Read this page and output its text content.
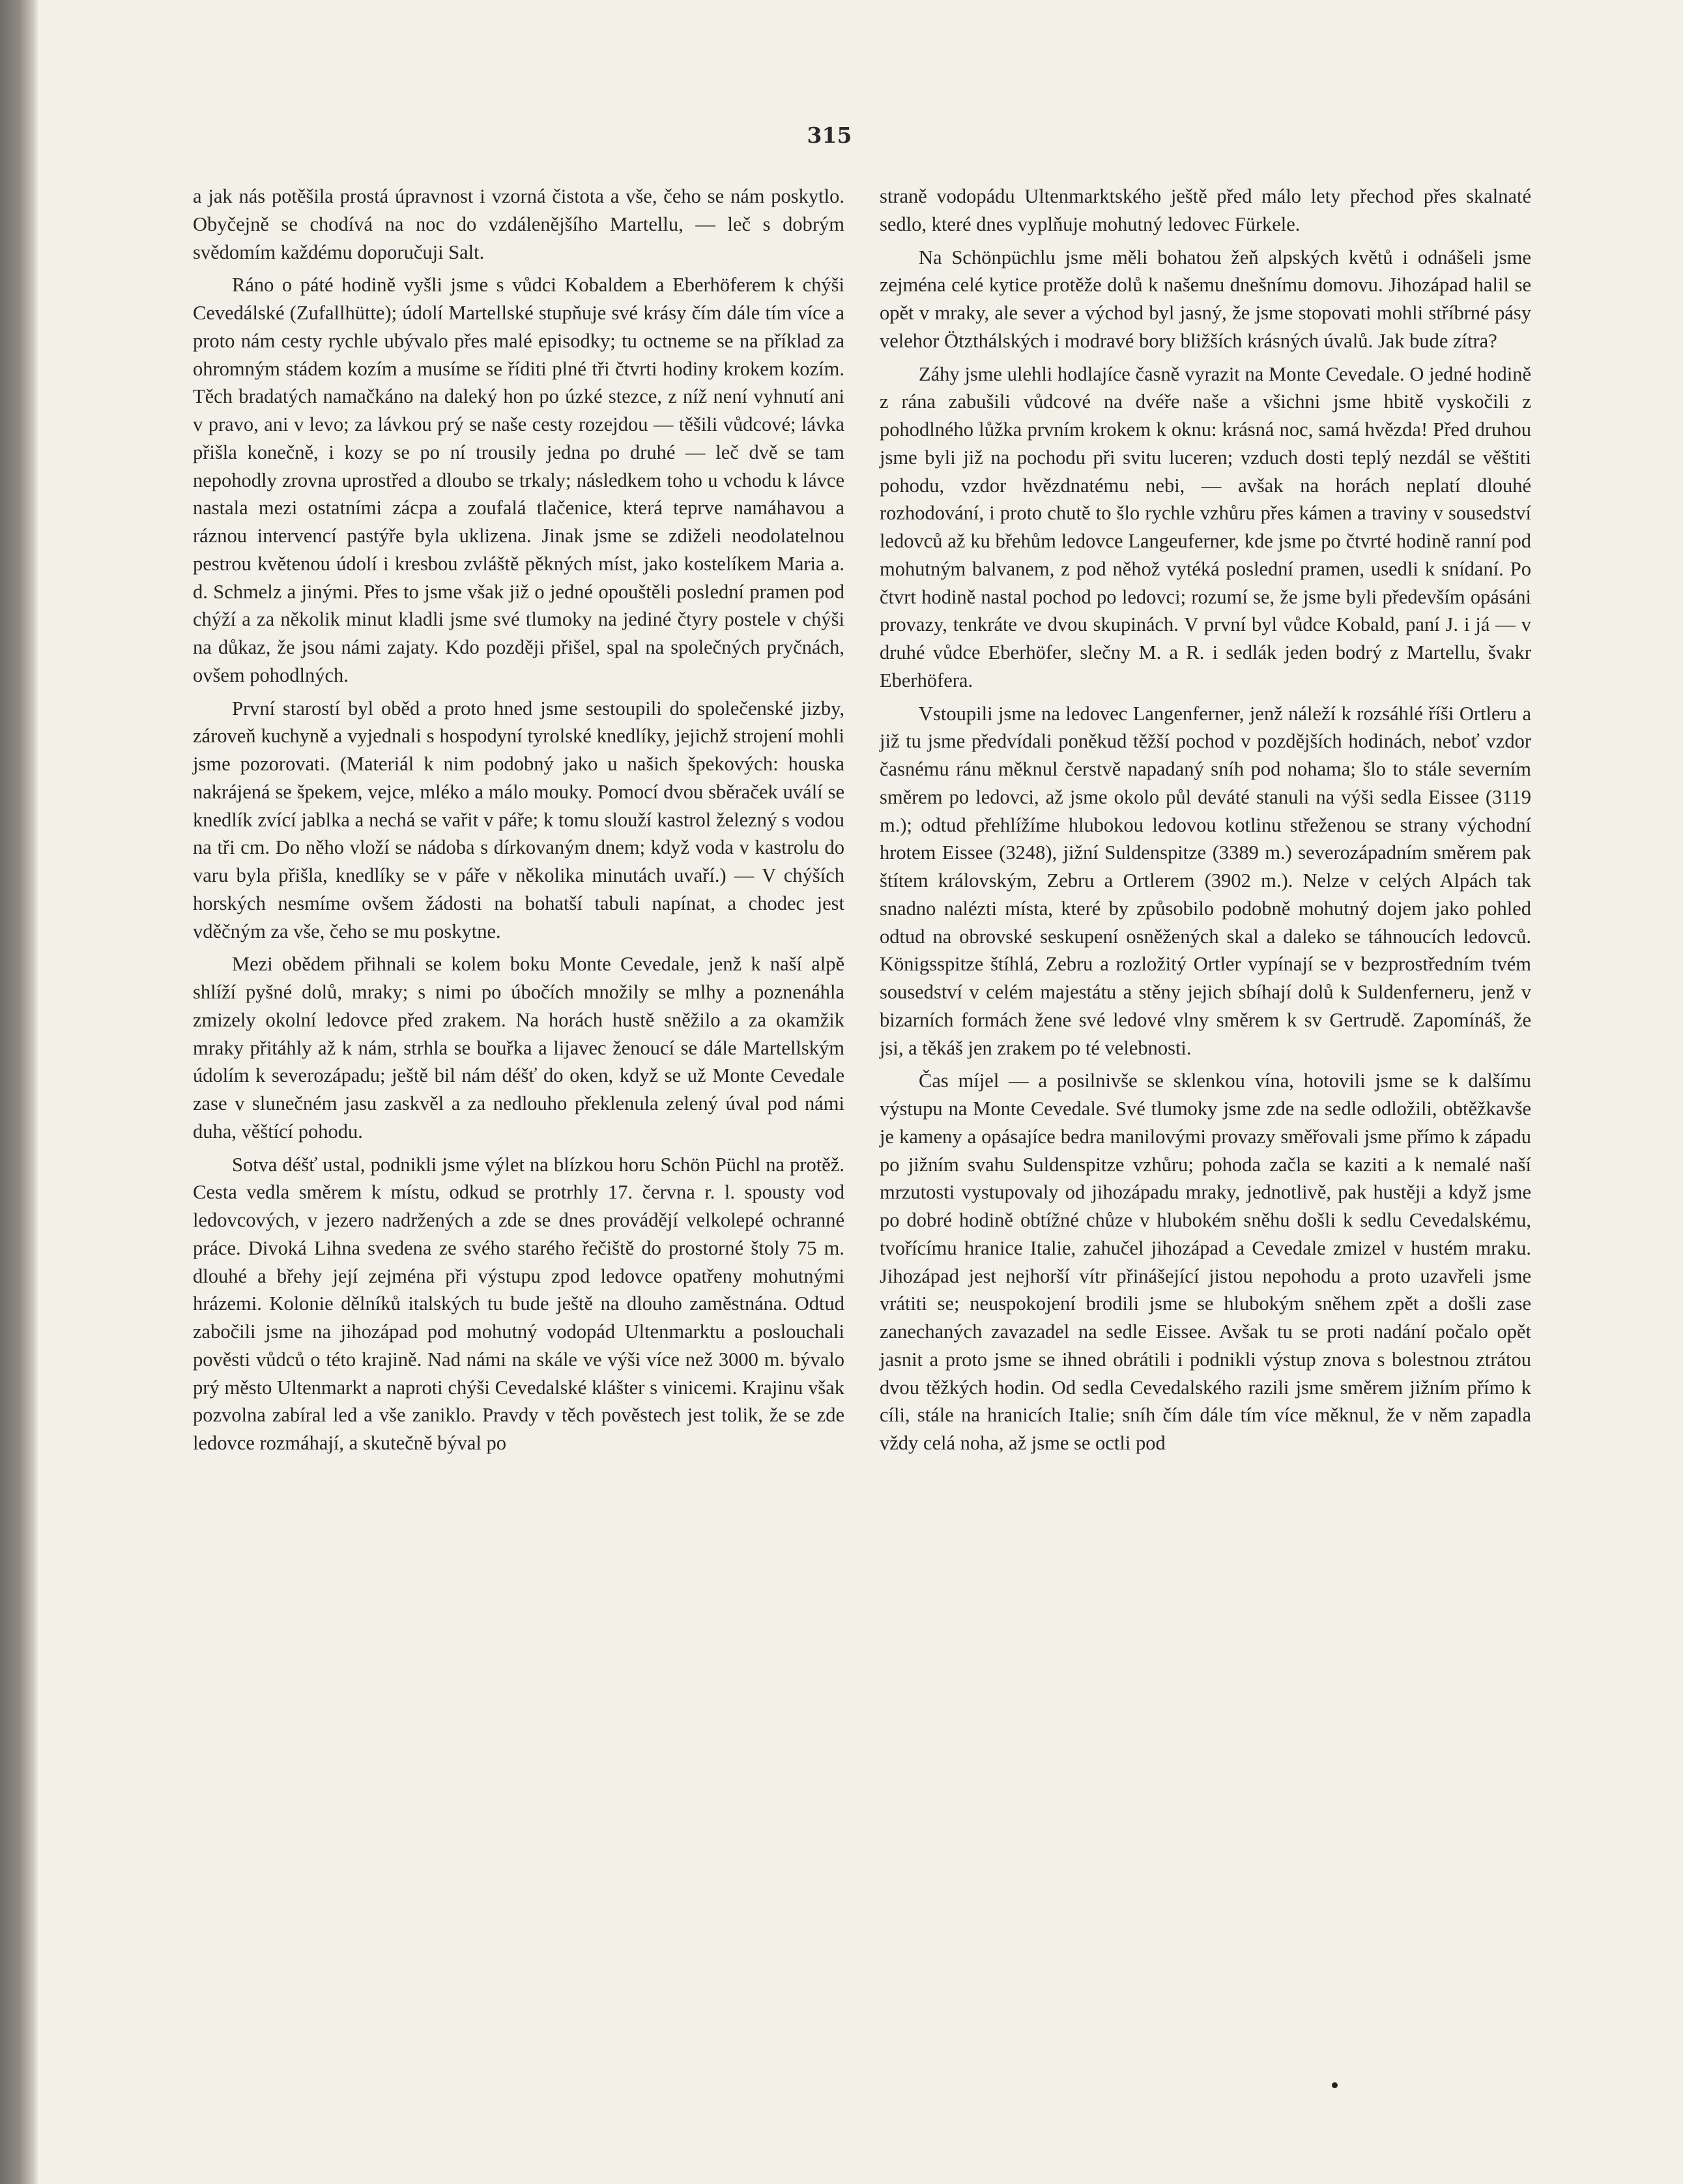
315

a jak nás potěšila prostá úpravnost i vzorná čistota a vše, čeho se nám poskytlo. Obyčejně se chodívá na noc do vzdálenějšího Martellu, — leč s dobrým svědomím každému doporučuji Salt.

Ráno o páté hodině vyšli jsme s vůdci Kobaldem a Eberhöferem k chýši Cevedálské (Zufallhütte); údolí Martellské stupňuje své krásy čím dále tím více a proto nám cesty rychle ubývalo přes malé episodky; tu octneme se na příklad za ohromným stádem kozím a musíme se říditi plné tři čtvrti hodiny krokem kozím. Těch bradatých namačkáno na daleký hon po úzké stezce, z níž není vyhnutí ani v pravo, ani v levo; za lávkou prý se naše cesty rozejdou — těšili vůdcové; lávka přišla konečně, i kozy se po ní trousily jedna po druhé — leč dvě se tam nepohodly zrovna uprostřed a dloubo se trkaly; následkem toho u vchodu k lávce nastala mezi ostatními zácpa a zoufalá tlačenice, která teprve namáhavou a ráznou intervencí pastýře byla uklizena. Jinak jsme se zdiželi neodolatelnou pestrou květenou údolí i kresbou zvláště pěkných míst, jako kostelíkem Maria a. d. Schmelz a jinými. Přes to jsme však již o jedné opouštěli poslední pramen pod chýží a za několik minut kladli jsme své tlumoky na jediné čtyry postele v chýši na důkaz, že jsou námi zajaty. Kdo později přišel, spal na společných pryčnách, ovšem pohodlných.

První starostí byl oběd a proto hned jsme sestoupili do společenské jizby, zároveň kuchyně a vyjednali s hospodyní tyrolské knedlíky, jejichž strojení mohli jsme pozorovati. (Materiál k nim podobný jako u našich špekových: houska nakrájená se špekem, vejce, mléko a málo mouky. Pomocí dvou sběraček uválí se knedlík zvící jablka a nechá se vařit v páře; k tomu slouží kastrol železný s vodou na tři cm. Do něho vloží se nádoba s dírkovaným dnem; když voda v kastrolu do varu byla přišla, knedlíky se v páře v několika minutách uvaří.) — V chýších horských nesmíme ovšem žádosti na bohatší tabuli napínat, a chodec jest vděčným za vše, čeho se mu poskytne.

Mezi obědem přihnali se kolem boku Monte Cevedale, jenž k naší alpě shlíží pyšné dolů, mraky; s nimi po úbočích množily se mlhy a poznenáhla zmizely okolní ledovce před zrakem. Na horách hustě sněžilo a za okamžik mraky přitáhly až k nám, strhla se bouřka a lijavec ženoucí se dále Martellským údolím k severozápadu; ještě bil nám déšť do oken, když se už Monte Cevedale zase v slunečném jasu zaskvěl a za nedlouho překlenula zelený úval pod námi duha, věštící pohodu.

Sotva déšť ustal, podnikli jsme výlet na blízkou horu Schön Püchl na protěž. Cesta vedla směrem k místu, odkud se protrhly 17. června r. l. spousty vod ledovcových, v jezero nadržených a zde se dnes provádějí velkolepé ochranné práce. Divoká Lihna svedena ze svého starého řečiště do prostorné štoly 75 m. dlouhé a břehy její zejména při výstupu zpod ledovce opatřeny mohutnými hrázemi. Kolonie dělníků italských tu bude ještě na dlouho zaměstnána. Odtud zabočili jsme na jihozápad pod mohutný vodopád Ultenmarktu a poslouchali pověsti vůdců o této krajině. Nad námi na skále ve výši více než 3000 m. bývalo prý město Ultenmarkt a naproti chýši Cevedalské klášter s vinicemi. Krajinu však pozvolna zabíral led a vše zaniklo. Pravdy v těch pověstech jest tolik, že se zde ledovce rozmáhají, a skutečně býval po

straně vodopádu Ultenmarktského ještě před málo lety přechod přes skalnaté sedlo, které dnes vyplňuje mohutný ledovec Fürkele.

Na Schönpüchlu jsme měli bohatou žeň alpských květů i odnášeli jsme zejména celé kytice protěže dolů k našemu dnešnímu domovu. Jihozápad halil se opět v mraky, ale sever a východ byl jasný, že jsme stopovati mohli stříbrné pásy velehor Ötzthálských i modravé bory bližších krásných úvalů. Jak bude zítra?

Záhy jsme ulehli hodlajíce časně vyrazit na Monte Cevedale. O jedné hodině z rána zabušili vůdcové na dvéře naše a všichni jsme hbitě vyskočili z pohodlného lůžka prvním krokem k oknu: krásná noc, samá hvězda! Před druhou jsme byli již na pochodu při svitu luceren; vzduch dosti teplý nezdál se věštiti pohodu, vzdor hvězdnatému nebi, — avšak na horách neplatí dlouhé rozhodování, i proto chutě to šlo rychle vzhůru přes kámen a traviny v sousedství ledovců až ku břehům ledovce Langeuferner, kde jsme po čtvrté hodině ranní pod mohutným balvanem, z pod něhož vytéká poslední pramen, usedli k snídaní. Po čtvrt hodině nastal pochod po ledovci; rozumí se, že jsme byli především opásáni provazy, tenkráte ve dvou skupinách. V první byl vůdce Kobald, paní J. i já — v druhé vůdce Eberhöfer, slečny M. a R. i sedlák jeden bodrý z Martellu, švakr Eberhöfera.

Vstoupili jsme na ledovec Langenferner, jenž náleží k rozsáhlé říši Ortleru a již tu jsme předvídali poněkud těžší pochod v pozdějších hodinách, neboť vzdor časnému ránu měknul čerstvě napadaný sníh pod nohama; šlo to stále severním směrem po ledovci, až jsme okolo půl deváté stanuli na výši sedla Eissee (3119 m.); odtud přehlížíme hlubokou ledovou kotlinu střeženou se strany východní hrotem Eissee (3248), jižní Suldenspitze (3389 m.) severozápadním směrem pak štítem královským, Zebru a Ortlerem (3902 m.). Nelze v celých Alpách tak snadno nalézti místa, které by způsobilo podobně mohutný dojem jako pohled odtud na obrovské seskupení osněžených skal a daleko se táhnoucích ledovců. Königsspitze štíhlá, Zebru a rozložitý Ortler vypínají se v bezprostředním tvém sousedství v celém majestátu a stěny jejich sbíhají dolů k Suldenferneru, jenž v bizarních formách žene své ledové vlny směrem k sv Gertrudě. Zapomínáš, že jsi, a těkáš jen zrakem po té velebnosti.

Čas míjel — a posilnivše se sklenkou vína, hotovili jsme se k dalšímu výstupu na Monte Cevedale. Své tlumoky jsme zde na sedle odložili, obtěžkavše je kameny a opásajíce bedra manilovými provazy směřovali jsme přímo k západu po jižním svahu Suldenspitze vzhůru; pohoda začla se kaziti a k nemalé naší mrzutosti vystupovaly od jihozápadu mraky, jednotlivě, pak hustěji a když jsme po dobré hodině obtížné chůze v hlubokém sněhu došli k sedlu Cevedalskému, tvořícímu hranice Italie, zahučel jihozápad a Cevedale zmizel v hustém mraku. Jihozápad jest nejhorší vítr přinášející jistou nepohodu a proto uzavřeli jsme vrátiti se; neuspokojení brodili jsme se hlubokým sněhem zpět a došli zase zanechaných zavazadel na sedle Eissee. Avšak tu se proti nadání počalo opět jasnit a proto jsme se ihned obrátili i podnikli výstup znova s bolestnou ztrátou dvou těžkých hodin. Od sedla Cevedalského razili jsme směrem jižním přímo k cíli, stále na hranicích Italie; sníh čím dále tím více měknul, že v něm zapadla vždy celá noha, až jsme se octli pod
